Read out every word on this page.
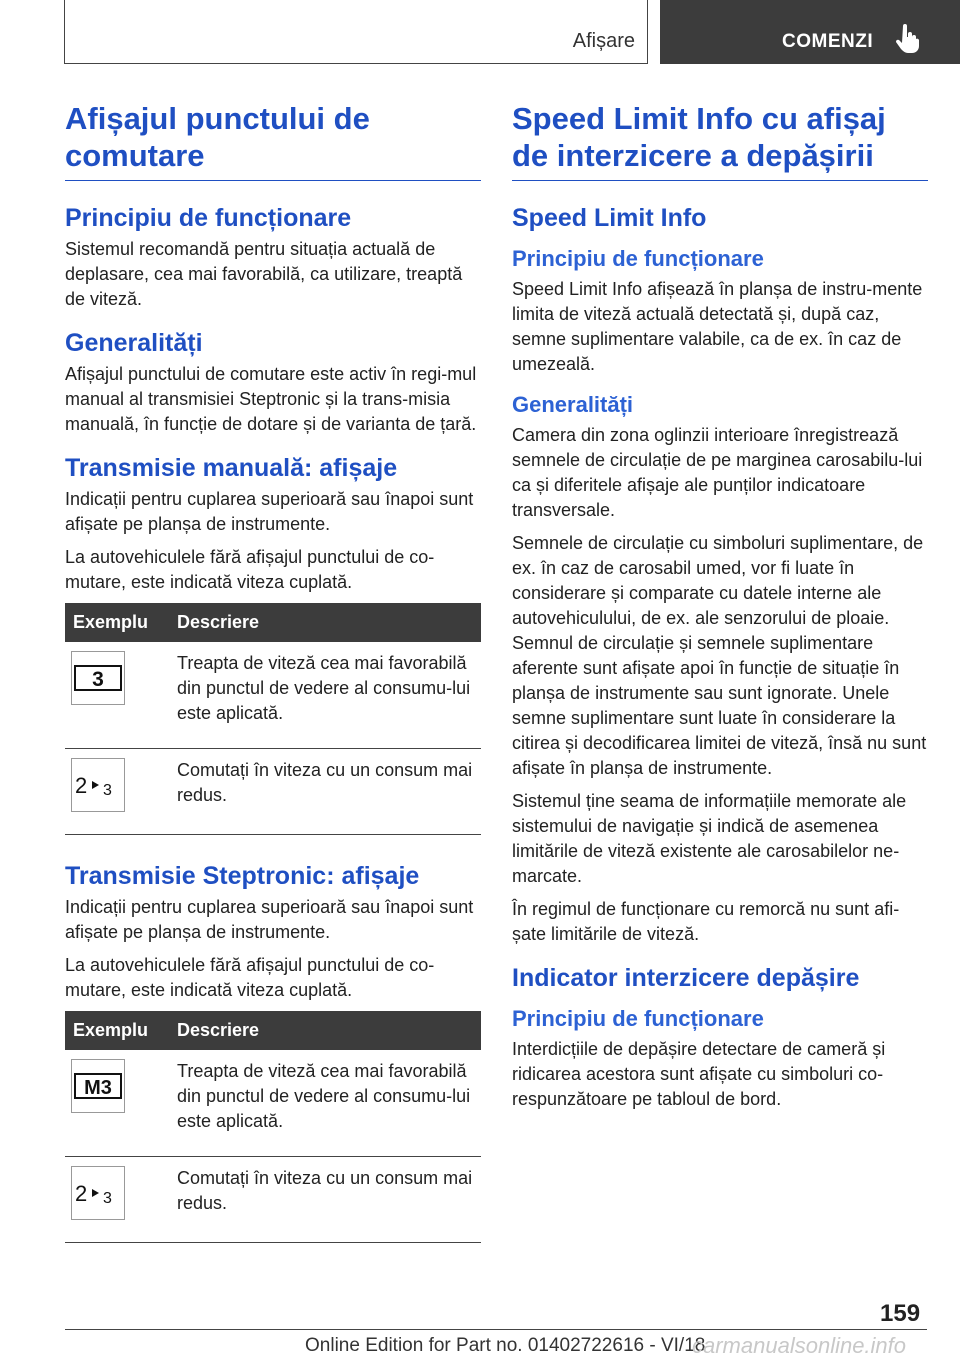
Afișare	COMENZI
Afișajul punctului de comutare
Principiu de funcționare

Sistemul recomandă pentru situația actuală de deplasare, cea mai favorabilă, ca utilizare, treaptă de viteză.

Generalități

Afișajul punctului de comutare este activ în regi-mul manual al transmisiei Steptronic și la trans-misia manuală, în funcție de dotare și de varianta de țară.

Transmisie manuală: afișaje

Indicații pentru cuplarea superioară sau înapoi sunt afișate pe planșa de instrumente.

La autovehiculele fără afișajul punctului de co-mutare, este indicată viteza cuplată.

Exemplu	Descriere

3	Treapta de viteză cea mai favorabilă din punctul de vedere al consumu-lui este aplicată.

2 3	Comutați în viteza cu un consum mai redus.
Transmisie Steptronic: afișaje

Indicații pentru cuplarea superioară sau înapoi sunt afișate pe planșa de instrumente.

La autovehiculele fără afișajul punctului de co-mutare, este indicată viteza cuplată.

Exemplu	Descriere

M3	Treapta de viteză cea mai favorabilă din punctul de vedere al consumu-lui este aplicată.

2 3	Comutați în viteza cu un consum mai redus.
Speed Limit Info cu afișaj de interzicere a depășirii
Speed Limit Info
Principiu de funcționare

Speed Limit Info afișează în planșa de instru-mente limita de viteză actuală detectată și, după caz, semne suplimentare valabile, ca de ex. în caz de umezeală.

Generalități

Camera din zona oglinzii interioare înregistrează semnele de circulație de pe marginea carosabilu-lui ca și diferitele afișaje ale punților indicatoare transversale.

Semnele de circulație cu simboluri suplimentare, de ex. în caz de carosabil umed, vor fi luate în considerare și comparate cu datele interne ale autovehiculului, de ex. ale senzorului de ploaie. Semnul de circulație și semnele suplimentare aferente sunt afișate apoi în funcție de situație în planșa de instrumente sau sunt ignorate. Unele semne suplimentare sunt luate în considerare la citirea și decodificarea limitei de viteză, însă nu sunt afișate în planșa de instrumente.

Sistemul ține seama de informațiile memorate ale sistemului de navigație și indică de asemenea limitările de viteză existente ale carosabilelor ne-marcate.

În regimul de funcționare cu remorcă nu sunt afi-șate limitările de viteză.

Indicator interzicere depășire
Principiu de funcționare

Interdicțiile de depășire detectare de cameră și ridicarea acestora sunt afișate cu simboluri co-respunzătoare pe tabloul de bord.

159
Online Edition for Part no. 01402722616 - VI/18
carmanualsonline.info
